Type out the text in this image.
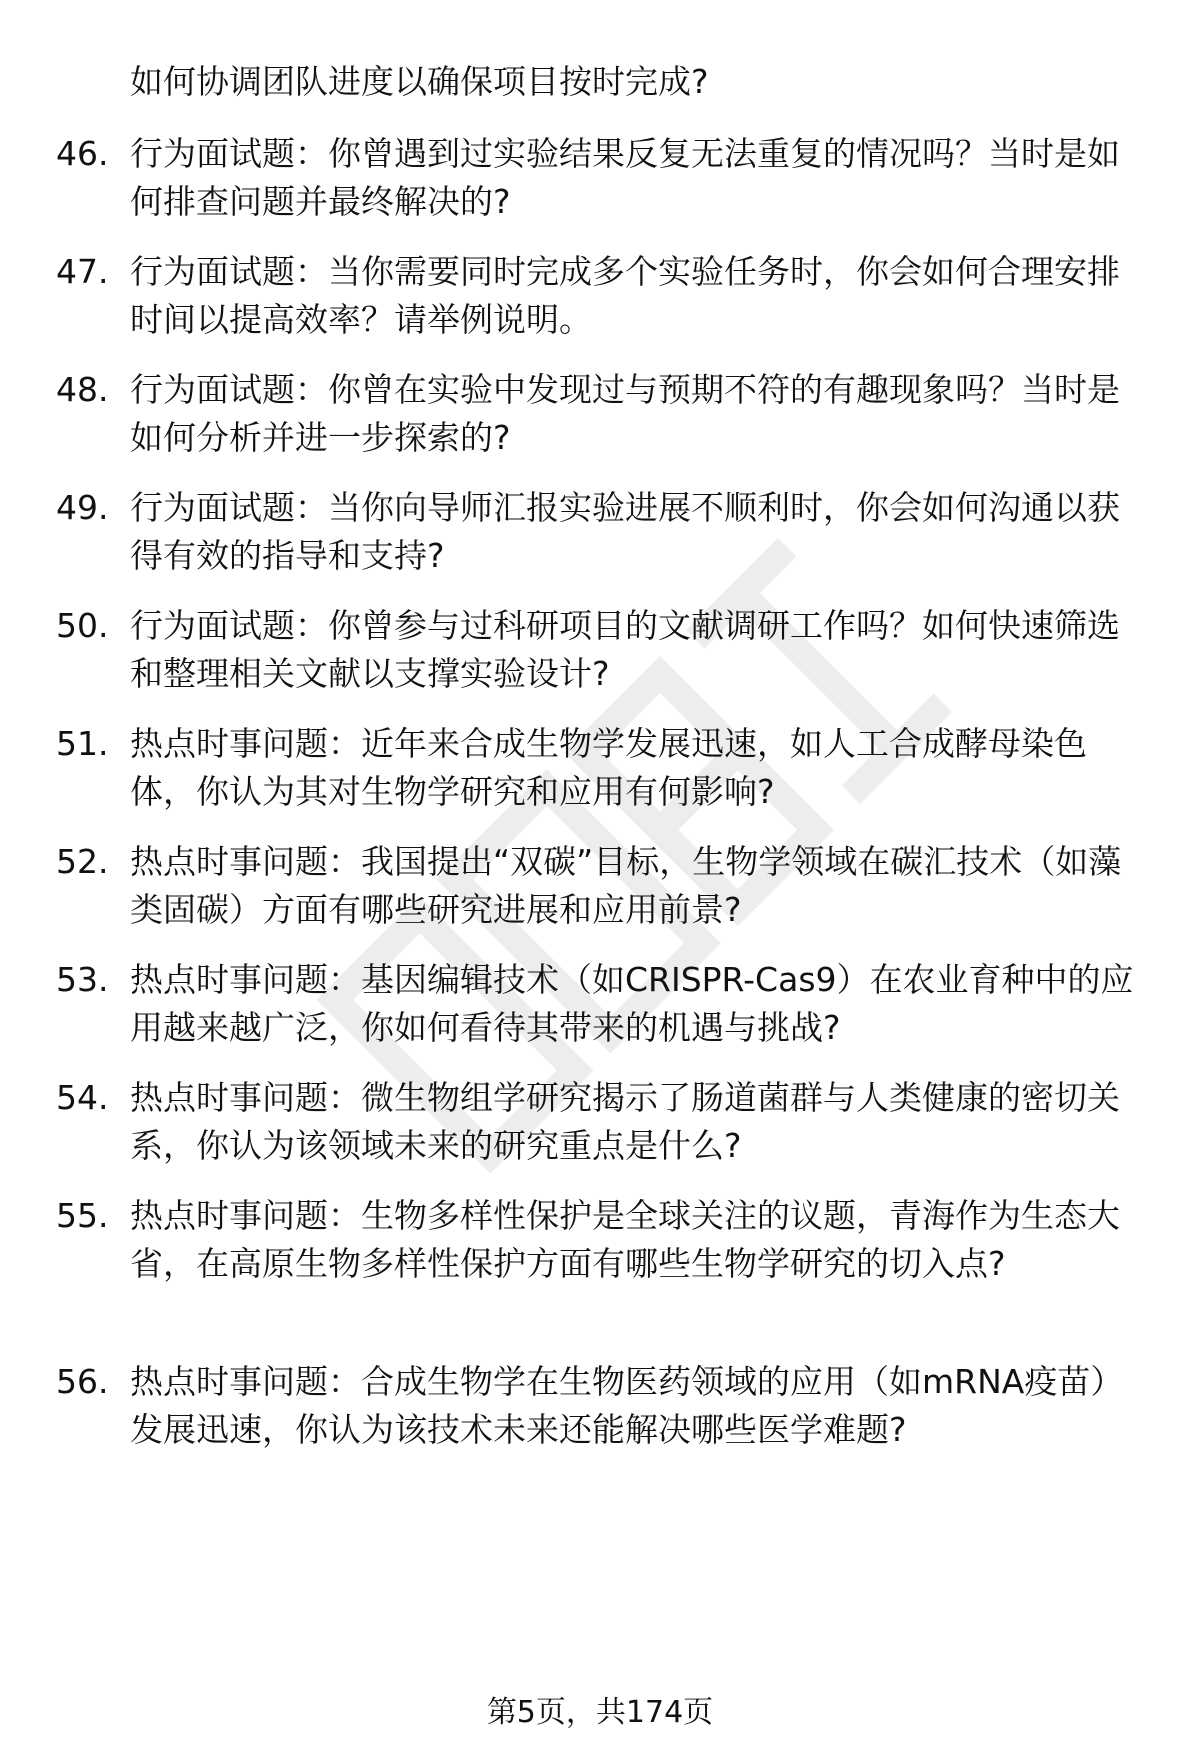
如何协调团队进度以确保项目按时完成?

46. 行为面试题：你曾遇到过实验结果反复无法重复的情况吗？当时是如何排查问题并最终解决的?

47. 行为面试题：当你需要同时完成多个实验任务时，你会如何合理安排时间以提高效率？请举例说明。

48. 行为面试题：你曾在实验中发现过与预期不符的有趣现象吗？当时是如何分析并进一步探索的?

49. 行为面试题：当你向导师汇报实验进展不顺利时，你会如何沟通以获得有效的指导和支持?

50. 行为面试题：你曾参与过科研项目的文献调研工作吗？如何快速筛选和整理相关文献以支撑实验设计?

51. 热点时事问题：近年来合成生物学发展迅速，如人工合成酵母染色体，你认为其对生物学研究和应用有何影响?

52. 热点时事问题：我国提出“双碳”目标，生物学领域在碳汇技术（如藻类固碳）方面有哪些研究进展和应用前景?

53. 热点时事问题：基因编辑技术（如CRISPR-Cas9）在农业育种中的应用越来越广泛，你如何看待其带来的机遇与挑战?

54. 热点时事问题：微生物组学研究揭示了肠道菌群与人类健康的密切关系，你认为该领域未来的研究重点是什么?

55. 热点时事问题：生物多样性保护是全球关注的议题，青海作为生态大省，在高原生物多样性保护方面有哪些生物学研究的切入点?

56. 热点时事问题：合成生物学在生物医药领域的应用（如mRNA疫苗）发展迅速，你认为该技术未来还能解决哪些医学难题?

第5页，共174页
